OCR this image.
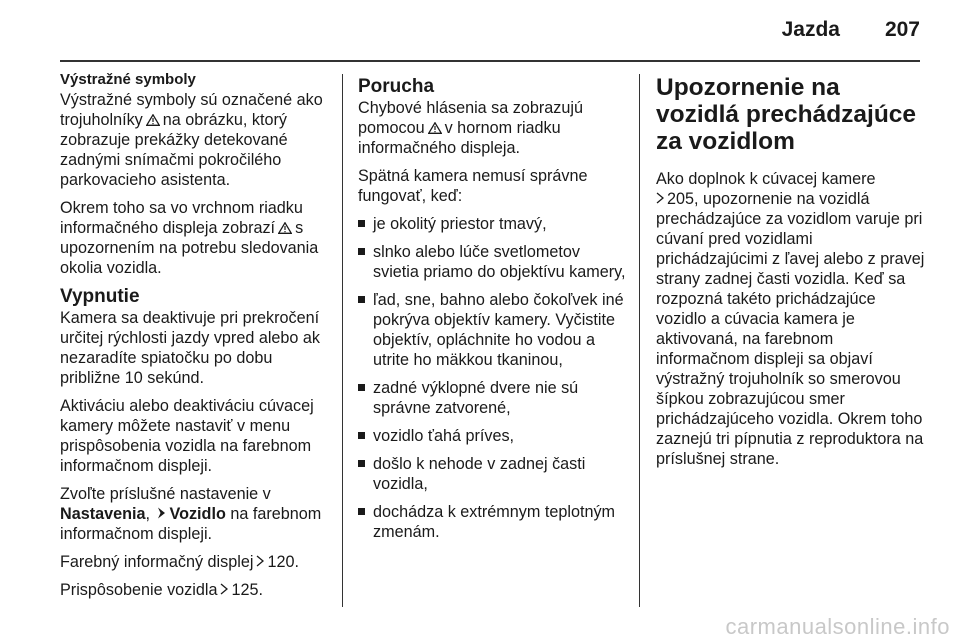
Jazda 207

Výstražné symboly

Výstražné symboly sú označené ako trojuholníky na obrázku, ktorý zobrazuje prekážky detekované zadnými snímačmi pokročilého parkovacieho asistenta.

Okrem toho sa vo vrchnom riadku informačného displeja zobrazí s upozornením na potrebu sledovania okolia vozidla.

Vypnutie

Kamera sa deaktivuje pri prekročení určitej rýchlosti jazdy vpred alebo ak nezaradíte spiatočku po dobu približne 10 sekúnd.

Aktiváciu alebo deaktiváciu cúvacej kamery môžete nastaviť v menu prispôsobenia vozidla na farebnom informačnom displeji.

Zvoľte príslušné nastavenie v Nastavenia, Vozidlo na farebnom informačnom displeji.

Farebný informačný displej 120.

Prispôsobenie vozidla 125.

Porucha

Chybové hlásenia sa zobrazujú pomocou v hornom riadku informačného displeja.

Spätná kamera nemusí správne fungovať, keď:

je okolitý priestor tmavý,
slnko alebo lúče svetlometov svietia priamo do objektívu kamery,
ľad, sne, bahno alebo čokoľvek iné pokrýva objektív kamery. Vyčistite objektív, opláchnite ho vodou a utrite ho mäkkou tkaninou,
zadné výklopné dvere nie sú správne zatvorené,
vozidlo ťahá príves,
došlo k nehode v zadnej časti vozidla,
dochádza k extrémnym teplotným zmenám.

Upozornenie na vozidlá prechádzajúce za vozidlom

Ako doplnok k cúvacej kamere
205, upozornenie na vozidlá prechádzajúce za vozidlom varuje pri cúvaní pred vozidlami prichádzajúcimi z ľavej alebo z pravej strany zadnej časti vozidla. Keď sa rozpozná takéto prichádzajúce vozidlo a cúvacia kamera je aktivovaná, na farebnom informačnom displeji sa objaví výstražný trojuholník so smerovou šípkou zobrazujúcou smer prichádzajúceho vozidla. Okrem toho zaznejú tri pípnutia z reproduktora na príslušnej strane.

carmanualsonline.info
